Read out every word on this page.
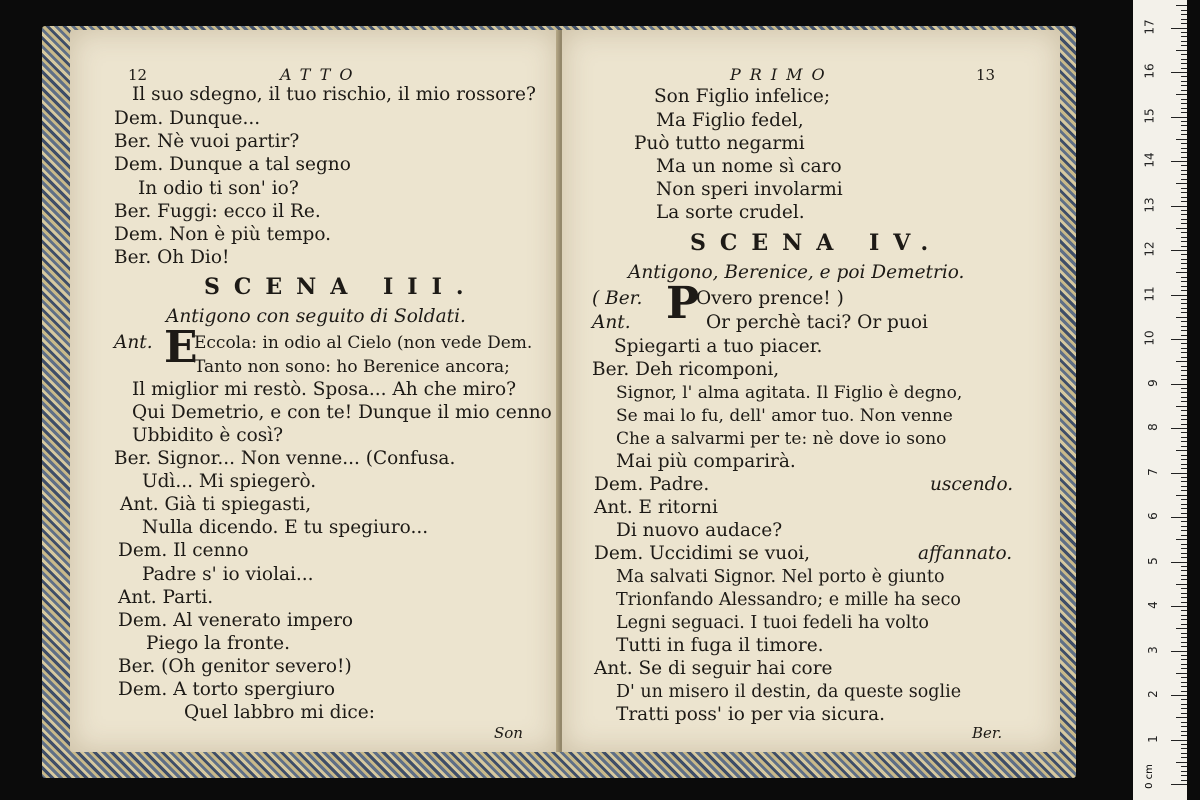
12	ATTO
Il suo sdegno, il tuo rischio, il mio rossore?
Dem. Dunque...
Ber. Nè vuoi partir?
Dem. Dunque a tal segno
In odio ti son' io?
Ber. Fuggi: ecco il Re.
Dem. Non è più tempo.
Ber. Oh Dio!
SCENA III.
Antigono con seguito di Soldati.
Ant. E
Eccola: in odio al Cielo (non vede Dem.
Tanto non sono: ho Berenice ancora;
Il miglior mi restò. Sposa... Ah che miro?
Qui Demetrio, e con te! Dunque il mio cenno
Ubbidito è così?
Ber. Signor... Non venne... (Confusa.
Udì... Mi spiegerò.
Ant. Già ti spiegasti,
Nulla dicendo. E tu spegiuro...
Dem. Il cenno
Padre s' io violai...
Ant. Parti.
Dem. Al venerato impero
Piego la fronte.
Ber. (Oh genitor severo!)
Dem. A torto spergiuro
Quel labbro mi dice:
Son
PRIMO	13
Son Figlio infelice;
Ma Figlio fedel,
Può tutto negarmi
Ma un nome sì caro
Non speri involarmi
La sorte crudel.
SCENA IV.
Antigono, Berenice, e poi Demetrio.
( Ber. P
Overo prence! )
Ant.	Or perchè taci? Or puoi
Spiegarti a tuo piacer.
Ber. Deh ricomponi,
Signor, l' alma agitata. Il Figlio è degno,
Se mai lo fu, dell' amor tuo. Non venne
Che a salvarmi per te: nè dove io sono
Mai più comparirà.
Dem. Padre.	uscendo.
Ant. E ritorni
Di nuovo audace?
Dem. Uccidimi se vuoi,	affannato.
Ma salvati Signor. Nel porto è giunto
Trionfando Alessandro; e mille ha seco
Legni seguaci. I tuoi fedeli ha volto
Tutti in fuga il timore.
Ant. Se di seguir hai core
D' un misero il destin, da queste soglie
Tratti poss' io per via sicura.
Ber.
0 cm
1
2
3
4
5
6
7
8
9
10
11
12
13
14
15
16
17
